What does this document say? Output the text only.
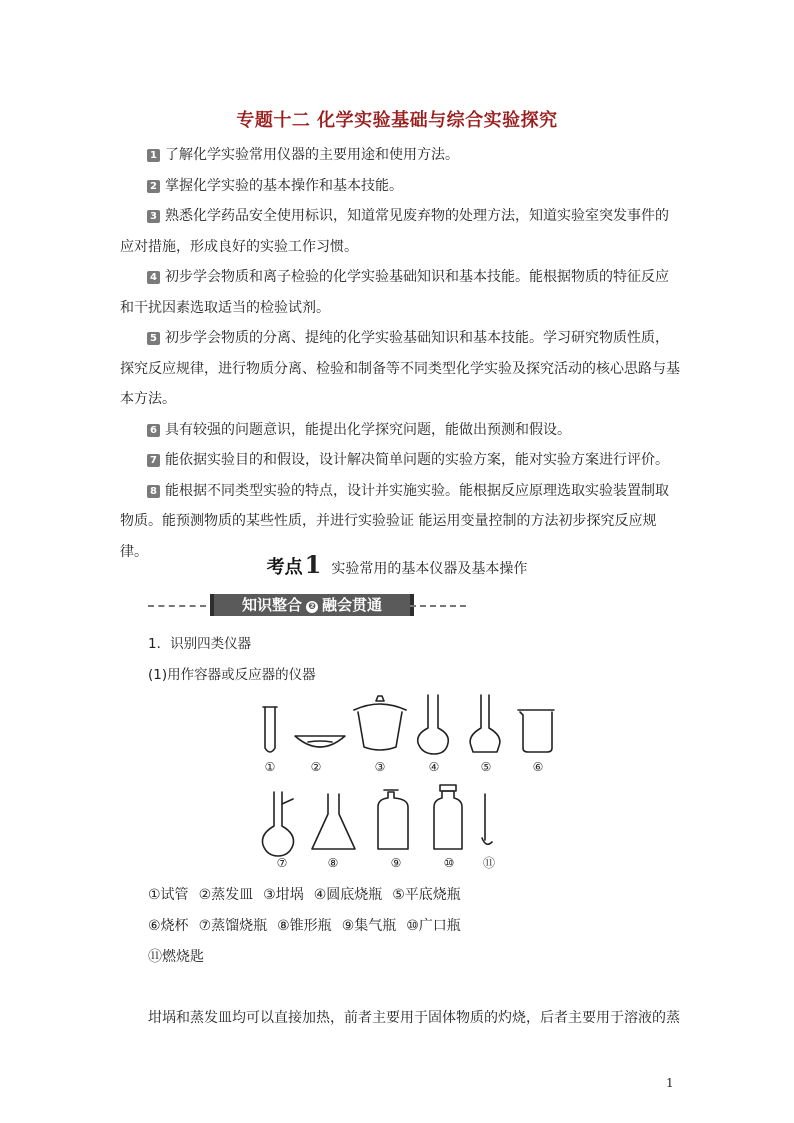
专题十二 化学实验基础与综合实验探究

1 了解化学实验常用仪器的主要用途和使用方法。

2 掌握化学实验的基本操作和基本技能。

3 熟悉化学药品安全使用标识，知道常见废弃物的处理方法，知道实验室突发事件的应对措施，形成良好的实验工作习惯。

4 初步学会物质和离子检验的化学实验基础知识和基本技能。能根据物质的特征反应和干扰因素选取适当的检验试剂。

5 初步学会物质的分离、提纯的化学实验基础知识和基本技能。学习研究物质性质，探究反应规律，进行物质分离、检验和制备等不同类型化学实验及探究活动的核心思路与基本方法。

6 具有较强的问题意识，能提出化学探究问题，能做出预测和假设。

7 能依据实验目的和假设，设计解决简单问题的实验方案，能对实验方案进行评价。

8 能根据不同类型实验的特点，设计并实施实验。能根据反应原理选取实验装置制取物质。能预测物质的某些性质，并进行实验验证 能运用变量控制的方法初步探究反应规律。

考点1 实验常用的基本仪器及基本操作
知识整合 ❷ 融会贯通
1．识别四类仪器
(1)用作容器或反应器的仪器
①	②	③	④	⑤	⑥
⑦	⑧	⑨	⑩ ⑪
①试管 ②蒸发皿 ③坩埚 ④圆底烧瓶 ⑤平底烧瓶
⑥烧杯 ⑦蒸馏烧瓶 ⑧锥形瓶 ⑨集气瓶 ⑩广口瓶
⑪燃烧匙
坩埚和蒸发皿均可以直接加热，前者主要用于固体物质的灼烧，后者主要用于溶液的蒸
1
